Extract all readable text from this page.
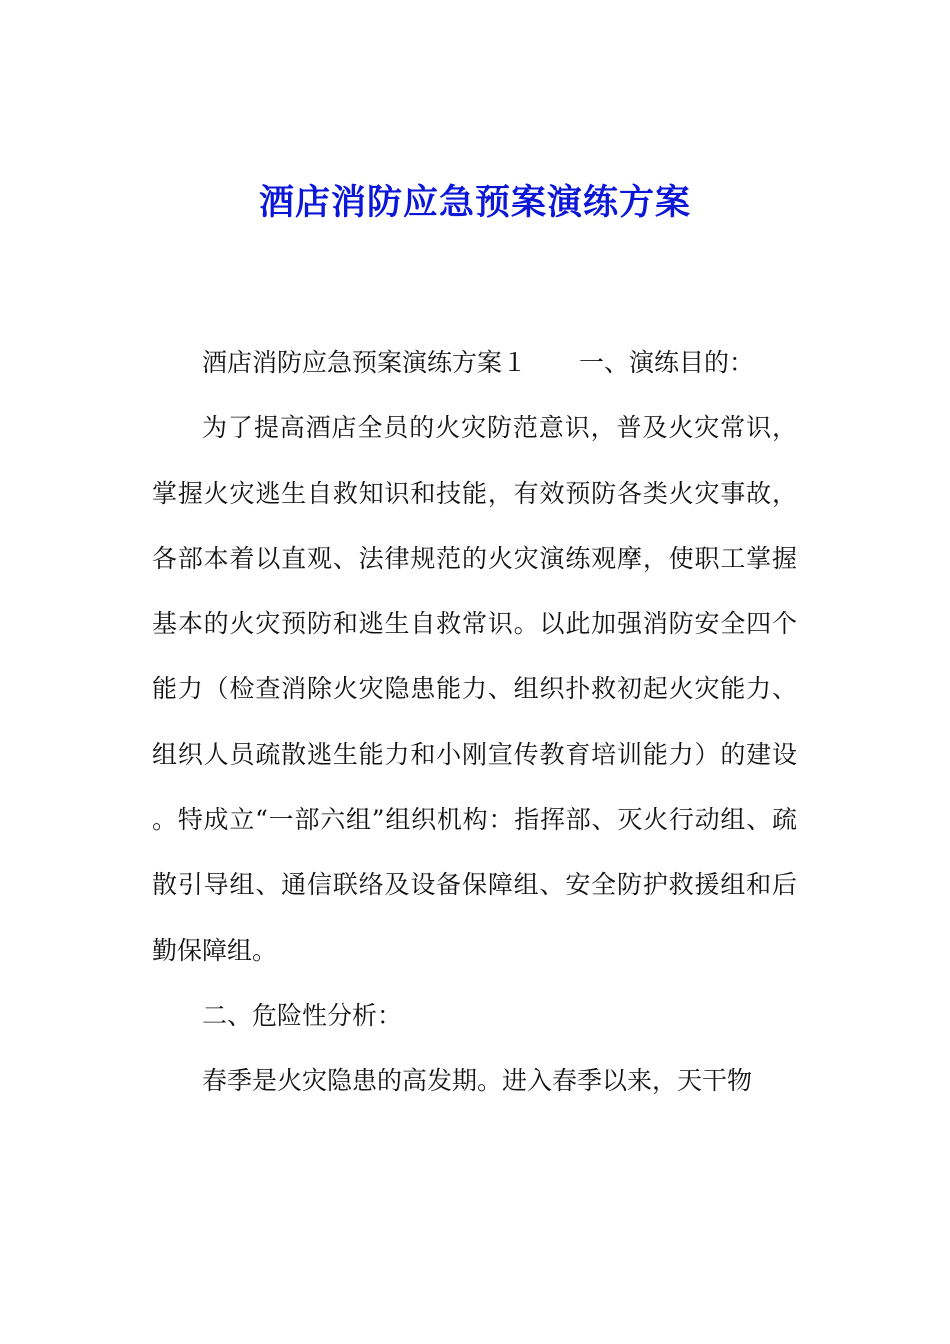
酒店消防应急预案演练方案

酒店消防应急预案演练方案１ 一、演练目的：

为了提高酒店全员的火灾防范意识，普及火灾常识，掌握火灾逃生自救知识和技能，有效预防各类火灾事故，各部本着以直观、法律规范的火灾演练观摩，使职工掌握基本的火灾预防和逃生自救常识。以此加强消防安全四个能力（检查消除火灾隐患能力、组织扑救初起火灾能力、组织人员疏散逃生能力和小刚宣传教育培训能力）的建设。特成立“一部六组”组织机构：指挥部、灭火行动组、疏散引导组、通信联络及设备保障组、安全防护救援组和后勤保障组。

二、危险性分析：

春季是火灾隐患的高发期。进入春季以来，天干物
